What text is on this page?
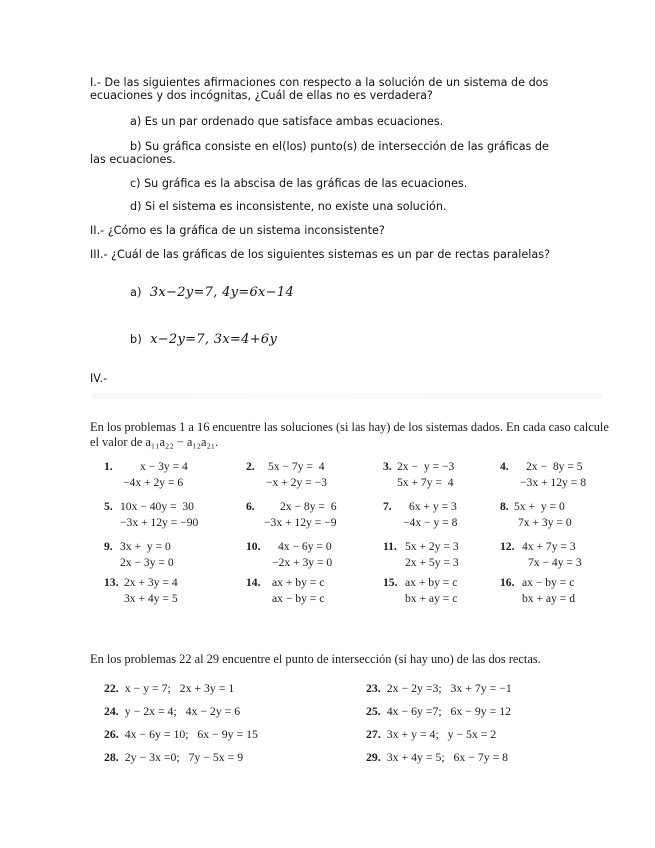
I.- De las siguientes afirmaciones con respecto a la solución de un sistema de dos ecuaciones y dos incógnitas, ¿Cuál de ellas no es verdadera?
a) Es un par ordenado que satisface ambas ecuaciones.
b) Su gráfica consiste en el(los) punto(s) de intersección de las gráficas de las ecuaciones.
c) Su gráfica es la abscisa de las gráficas de las ecuaciones.
d) Si el sistema es inconsistente, no existe una solución.
II.- ¿Cómo es la gráfica de un sistema inconsistente?
III.- ¿Cuál de las gráficas de los siguientes sistemas es un par de rectas paralelas?
a) 3x−2y=7, 4y=6x−14
b) x−2y=7, 3x=4+6y
IV.-
En los problemas 1 a 16 encuentre las soluciones (si las hay) de los sistemas dados. En cada caso calcule el valor de a₁₁a₂₂ − a₁₂a₂₁.
1. x − 3y = 4
−4x + 2y = 6
2. 5x − 7y =  4
−x + 2y = −3
3. 2x −  y = −3
5x + 7y =  4
4. 2x −  8y = 5
−3x + 12y = 8
5. 10x − 40y =  30
−3x + 12y = −90
6. 2x − 8y =  6
−3x + 12y = −9
7. 6x + y = 3
−4x − y = 8
8. 5x +  y = 0
7x + 3y = 0
9. 3x +  y = 0
2x − 3y = 0
10. 4x − 6y = 0
−2x + 3y = 0
11. 5x + 2y = 3
2x + 5y = 3
12. 4x + 7y = 3
7x − 4y = 3
13. 2x + 3y = 4
3x + 4y = 5
14. ax + by = c
ax − by = c
15. ax + by = c
bx + ay = c
16. ax − by = c
bx + ay = d
En los problemas 22 al 29 encuentre el punto de intersección (si hay uno) de las dos rectas.
22. x − y = 7;   2x + 3y = 1	23. 2x − 2y =3;   3x + 7y = −1
24. y − 2x = 4;   4x − 2y = 6	25. 4x − 6y =7;   6x − 9y = 12
26. 4x − 6y = 10;   6x − 9y = 15	27. 3x + y = 4;   y − 5x = 2
28. 2y − 3x =0;   7y − 5x = 9	29. 3x + 4y = 5;   6x − 7y = 8
